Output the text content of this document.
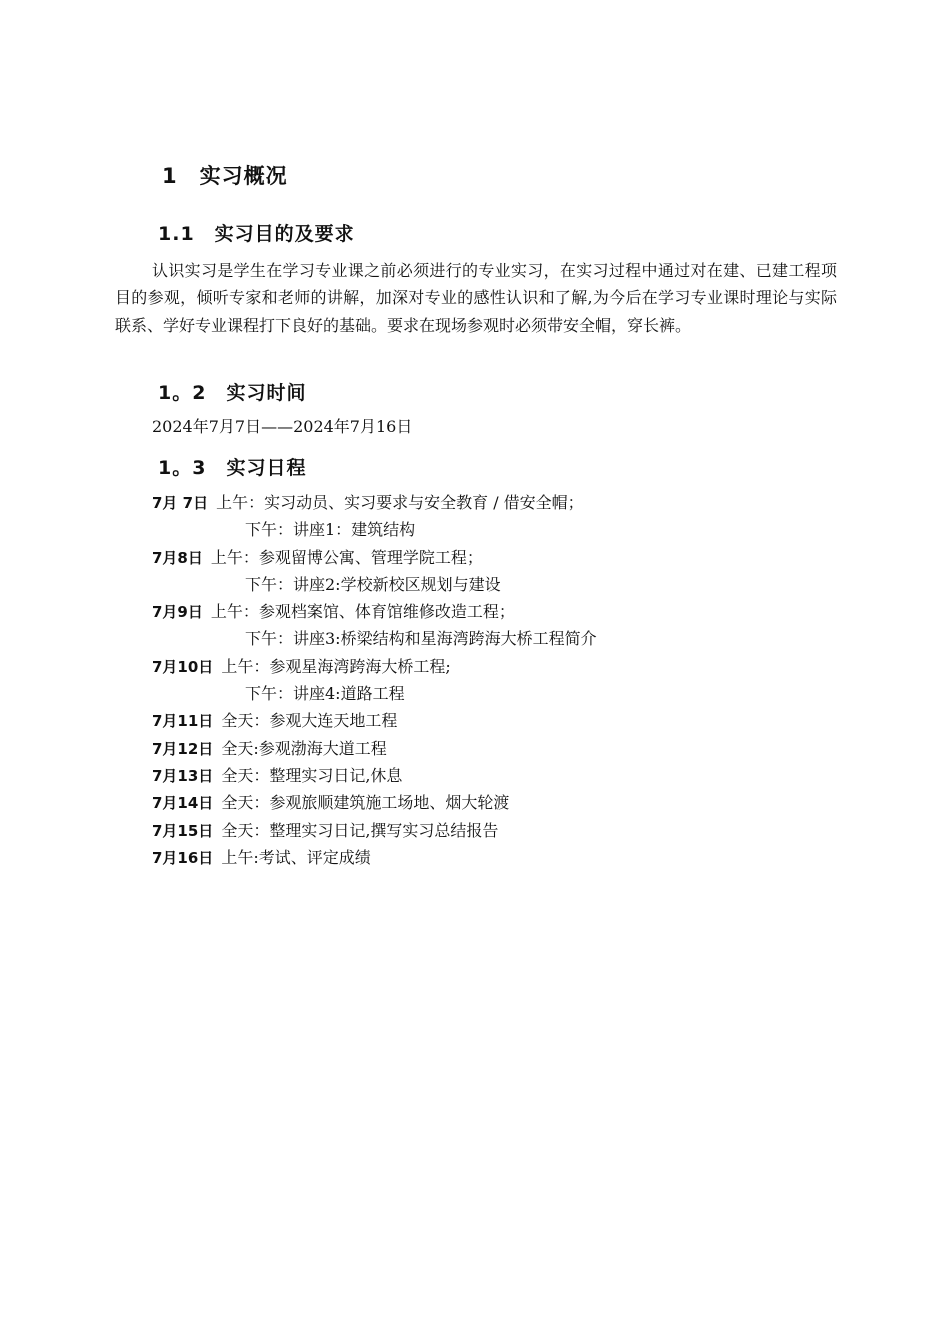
1　实习概况
1.1　实习目的及要求

认识实习是学生在学习专业课之前必须进行的专业实习，在实习过程中通过对在建、已建工程项目的参观，倾听专家和老师的讲解，加深对专业的感性认识和了解,为今后在学习专业课时理论与实际联系、学好专业课程打下良好的基础。要求在现场参观时必须带安全帽，穿长裤。

1。2　实习时间
2024年7月7日——2024年7月16日
1。3　实习日程
7月 7日 上午：实习动员、实习要求与安全教育 / 借安全帽；
下午：讲座1：建筑结构
7月8日 上午：参观留博公寓、管理学院工程；
下午：讲座2:学校新校区规划与建设
7月9日 上午：参观档案馆、体育馆维修改造工程；
下午：讲座3:桥梁结构和星海湾跨海大桥工程简介
7月10日 上午：参观星海湾跨海大桥工程;
下午：讲座4:道路工程
7月11日 全天：参观大连天地工程
7月12日 全天:参观渤海大道工程
7月13日 全天：整理实习日记,休息
7月14日 全天：参观旅顺建筑施工场地、烟大轮渡
7月15日 全天：整理实习日记,撰写实习总结报告
7月16日 上午:考试、评定成绩
